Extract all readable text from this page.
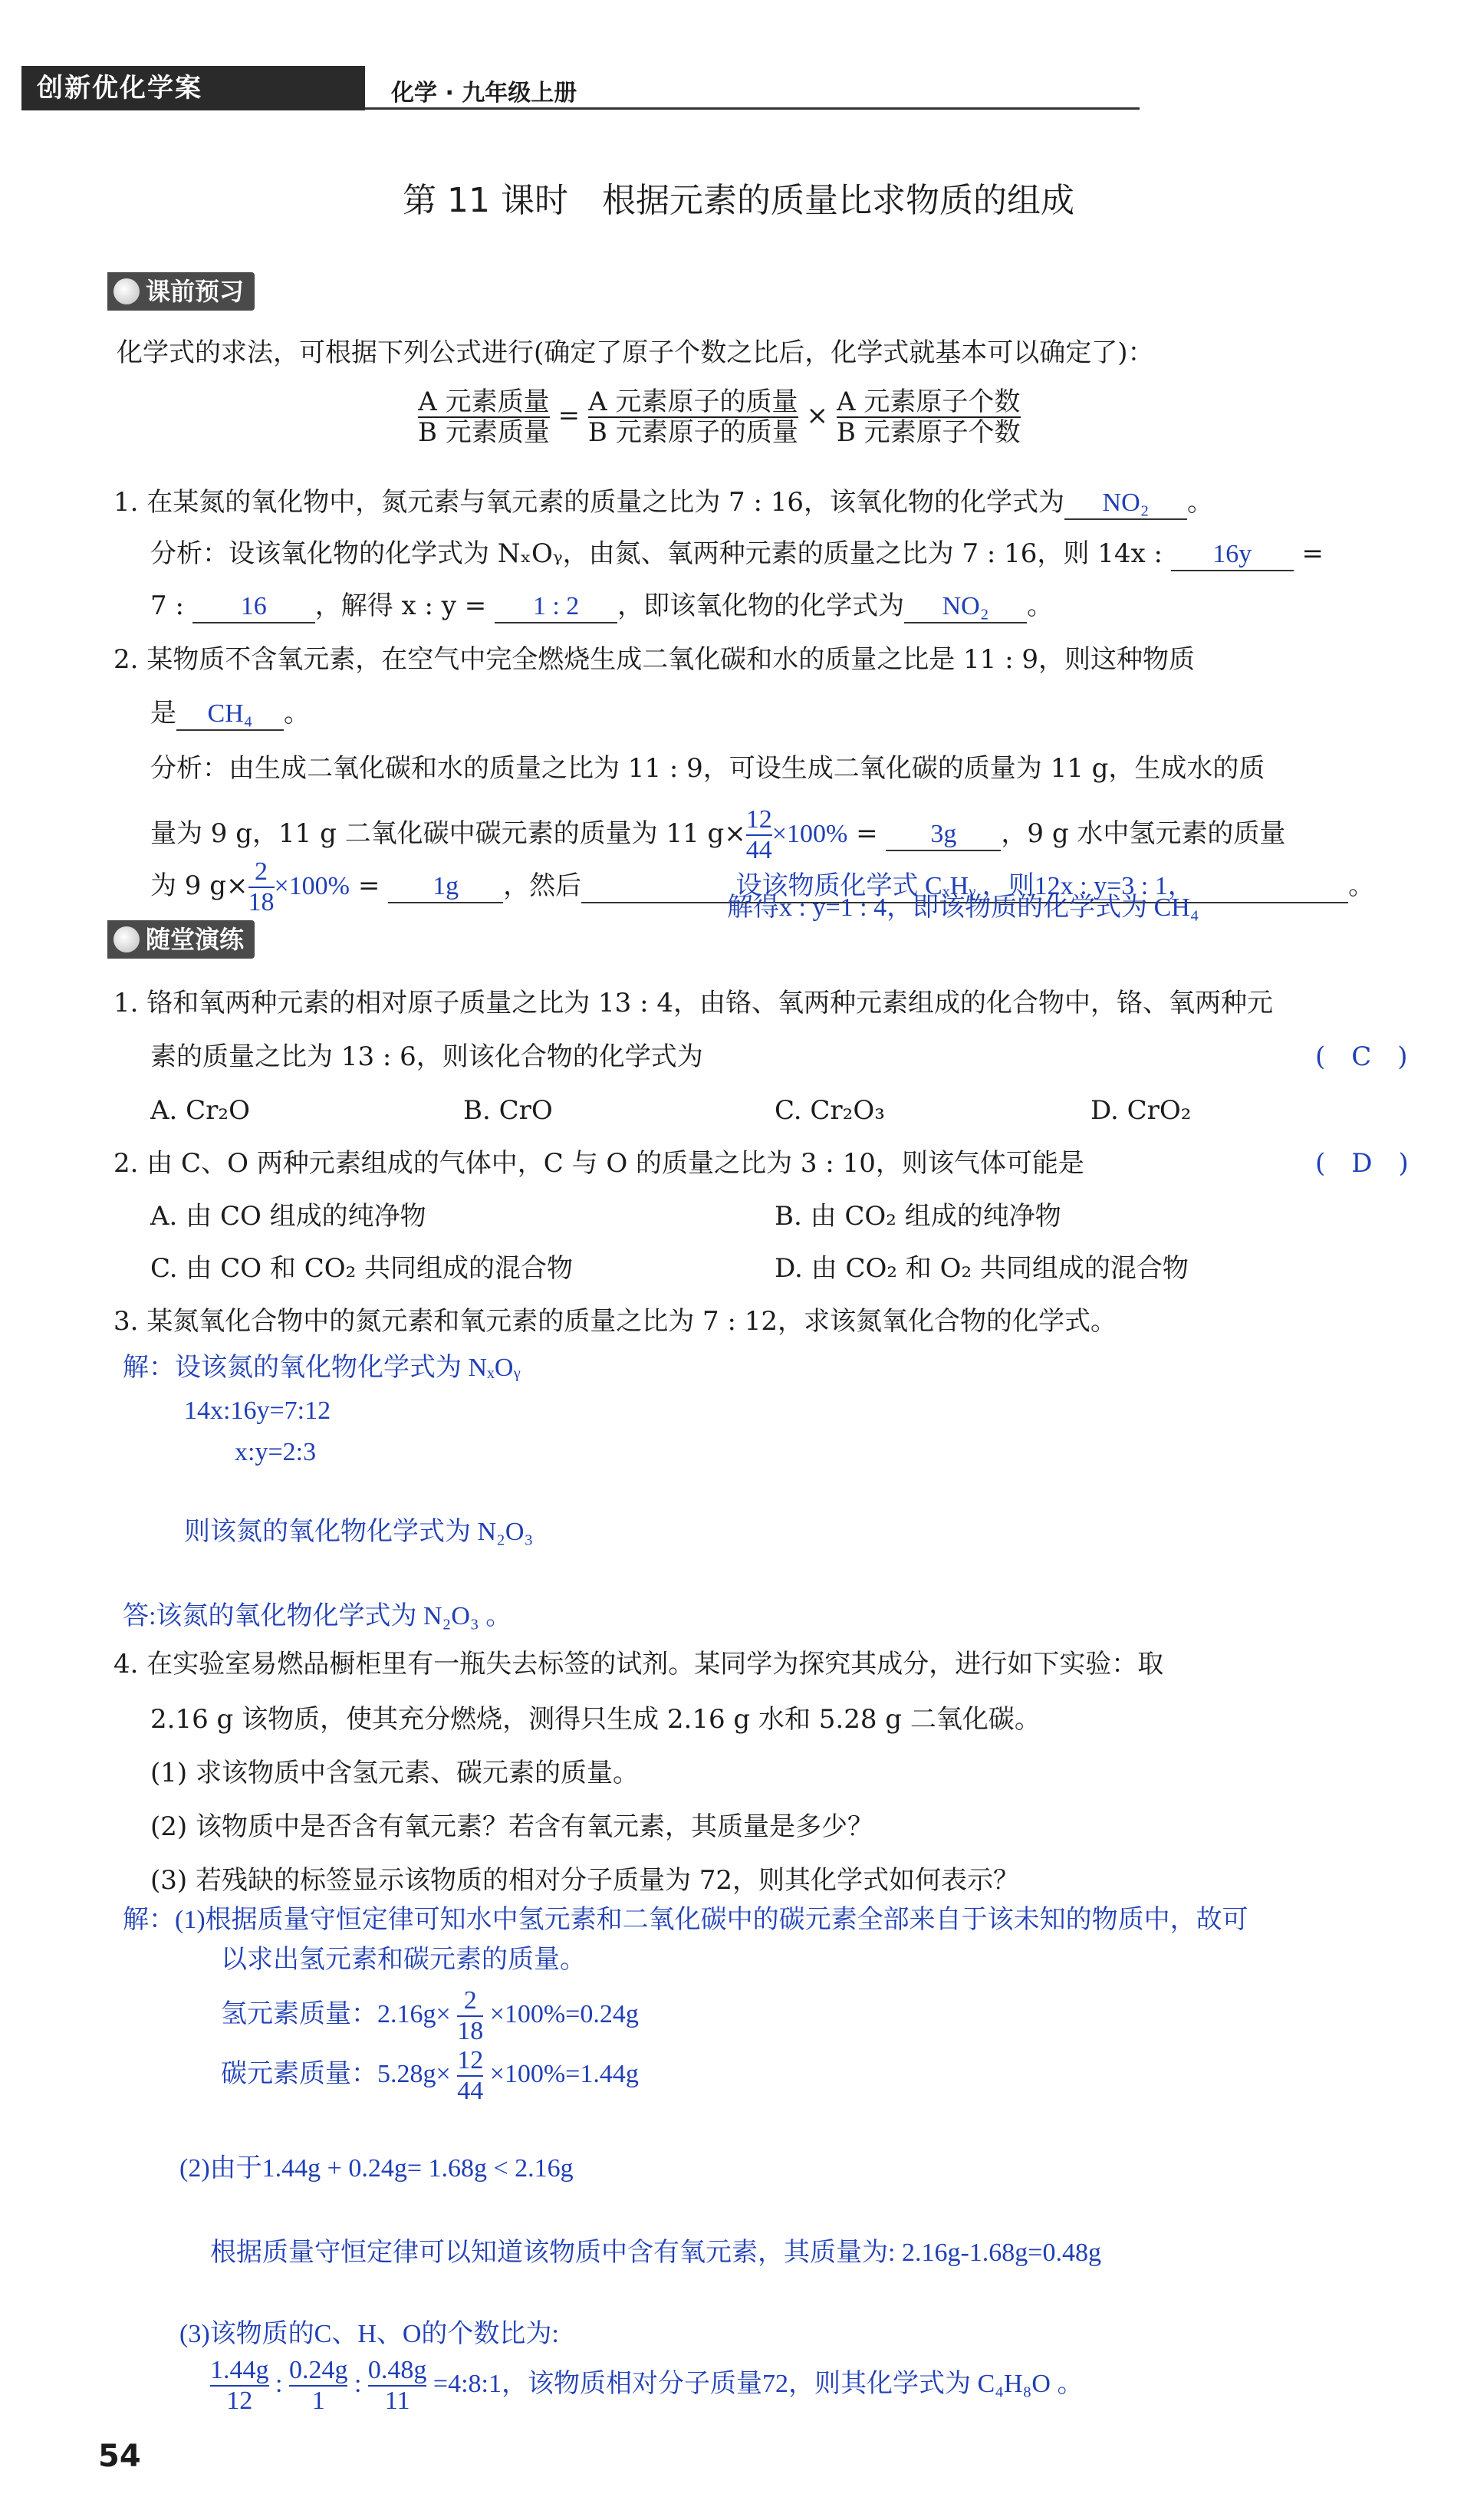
创新优化学案	化学 · 九年级上册
第 11 课时　根据元素的质量比求物质的组成
课前预习
化学式的求法，可根据下列公式进行(确定了原子个数之比后，化学式就基本可以确定了)：
$\frac{\text{A 元素质量}}{\text{B 元素质量}} = \frac{\text{A 元素原子的质量}}{\text{B 元素原子的质量}} \times \frac{\text{A 元素原子个数}}{\text{B 元素原子个数}}$
1. 在某氮的氧化物中，氮元素与氧元素的质量之比为 7 : 16，该氧化物的化学式为 NO₂ 。
分析：设该氧化物的化学式为 NₓOᵧ，由氮、氧两种元素的质量之比为 7 : 16，则 14x : 16y =
7 : 16 ，解得 x : y = 1 : 2 ，即该氧化物的化学式为 NO₂ 。
2. 某物质不含氧元素，在空气中完全燃烧生成二氧化碳和水的质量之比是 11 : 9，则这种物质
是 CH₄ 。
分析：由生成二氧化碳和水的质量之比为 11 : 9，可设生成二氧化碳的质量为 11 g，生成水的质
量为 9 g，11 g 二氧化碳中碳元素的质量为 11 $g\times \frac{12}{44} \times 100\% = 3g$ ，9 g 水中氢元素的质量
为 9 $g\times \frac{2}{18} \times 100\% = 1g$ ，然后	设该物质化学式 CₓHᵧ ，则12x : y=3 : 1，	。
解得x : y=1 : 4，即该物质的化学式为 CH₄
随堂演练
1. 铬和氧两种元素的相对原子质量之比为 13 : 4，由铬、氧两种元素组成的化合物中，铬、氧两种元
素的质量之比为 13 : 6，则该化合物的化学式为	(　C　)
A. Cr₂O	B. CrO	C. Cr₂O₃	D. CrO₂
2. 由 C、O 两种元素组成的气体中，C 与 O 的质量之比为 3 : 10，则该气体可能是	(　D　)
A. 由 CO 组成的纯净物	B. 由 CO₂ 组成的纯净物
C. 由 CO 和 CO₂ 共同组成的混合物	D. 由 CO₂ 和 O₂ 共同组成的混合物
3. 某氮氧化合物中的氮元素和氧元素的质量之比为 7 : 12，求该氮氧化合物的化学式。
解：设该氮的氧化物化学式为 NₓOᵧ
14x:16y=7:12
x:y=2:3
则该氮的氧化物化学式为 N₂O₃
答:该氮的氧化物化学式为 N₂O₃ 。
4. 在实验室易燃品橱柜里有一瓶失去标签的试剂。某同学为探究其成分，进行如下实验：取
2.16 g 该物质，使其充分燃烧，测得只生成 2.16 g 水和 5.28 g 二氧化碳。
(1) 求该物质中含氢元素、碳元素的质量。
(2) 该物质中是否含有氧元素？若含有氧元素，其质量是多少？
(3) 若残缺的标签显示该物质的相对分子质量为 72，则其化学式如何表示？
解：(1)根据质量守恒定律可知水中氢元素和二氧化碳中的碳元素全部来自于该未知的物质中，故可
以求出氢元素和碳元素的质量。
氢元素质量：$2.16g\times \frac{2}{18} \times 100\%=0.24g$
碳元素质量：$5.28g\times \frac{12}{44} \times 100\%=1.44g$
(2)由于1.44g + 0.24g= 1.68g < 2.16g
根据质量守恒定律可以知道该物质中含有氧元素，其质量为: 2.16g-1.68g=0.48g
(3)该物质的C、H、O的个数比为:
$\frac{1.44g}{12}$ : $\frac{0.24g}{1}$ : $\frac{0.48g}{11}$ =4:8:1，该物质相对分子质量72，则其化学式为 C₄H₈O 。
54
